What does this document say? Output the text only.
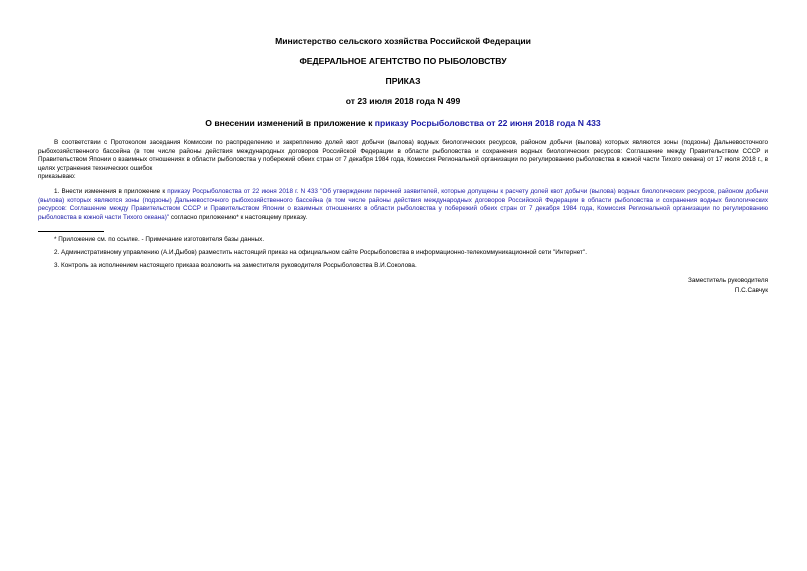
Министерство сельского хозяйства Российской Федерации

ФЕДЕРАЛЬНОЕ АГЕНТСТВО ПО РЫБОЛОВСТВУ

ПРИКАЗ

от 23 июля 2018 года N 499

О внесении изменений в приложение к приказу Росрыболовства от 22 июня 2018 года N 433

В соответствии с Протоколом заседания Комиссии по распределению и закреплению долей квот добычи (вылова) водных биологических ресурсов, районом добычи (вылова) которых являются зоны (подзоны) Дальневосточного рыбохозяйственного бассейна (в том числе районы действия международных договоров Российской Федерации в области рыболовства и сохранения водных биологических ресурсов: Соглашение между Правительством СССР и Правительством Японии о взаимных отношениях в области рыболовства у побережий обеих стран от 7 декабря 1984 года, Комиссия Региональной организации по регулированию рыболовства в южной части Тихого океана) от 17 июля 2018 г., в целях устранения технических ошибок

приказываю:

1. Внести изменения в приложение к приказу Росрыболовства от 22 июня 2018 г. N 433 "Об утверждении перечней заявителей, которые допущены к расчету долей квот добычи (вылова) водных биологических ресурсов, районом добычи (вылова) которых являются зоны (подзоны) Дальневосточного рыбохозяйственного бассейна (в том числе районы действия международных договоров Российской Федерации в области рыболовства и сохранения водных биологических ресурсов: Соглашение между Правительством СССР и Правительством Японии о взаимных отношениях в области рыболовства у побережий обеих стран от 7 декабря 1984 года, Комиссия Региональной организации по регулированию рыболовства в южной части Тихого океана)" согласно приложению* к настоящему приказу.

* Приложение см. по ссылке. - Примечание изготовителя базы данных.

2. Административному управлению (А.И.Дыбов) разместить настоящий приказ на официальном сайте Росрыболовства в информационно-телекоммуникационной сети "Интернет".

3. Контроль за исполнением настоящего приказа возложить на заместителя руководителя Росрыболовства В.И.Соколова.

Заместитель руководителя
П.С.Савчук
